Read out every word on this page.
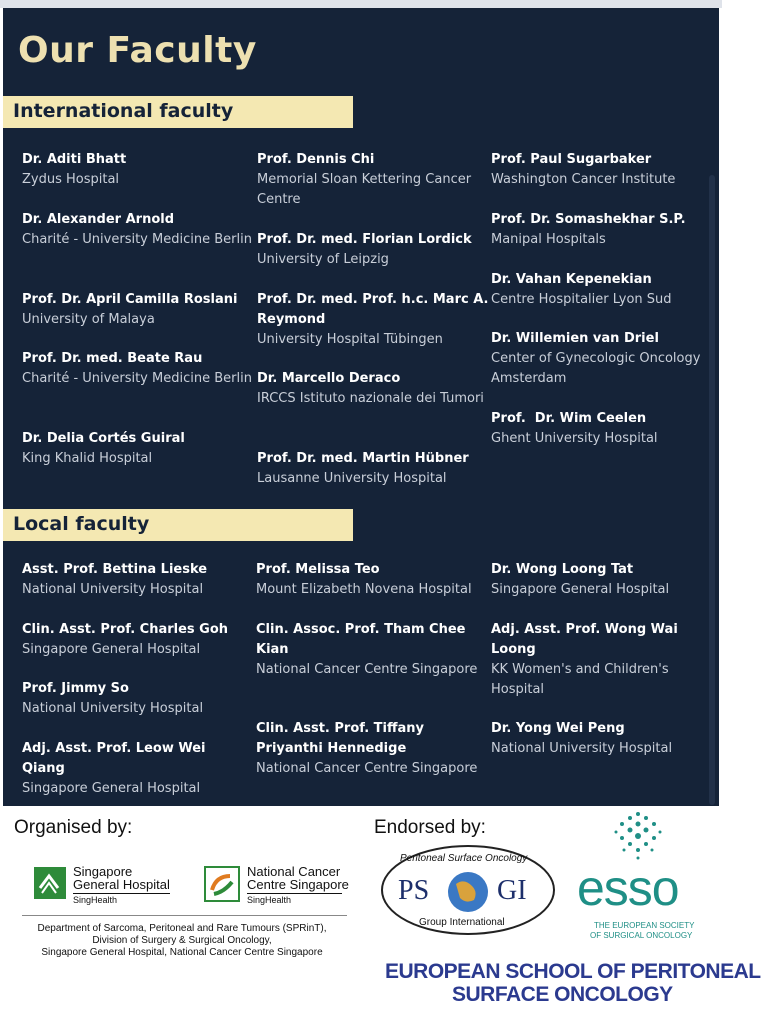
Our Faculty
International faculty
Dr. Aditi Bhatt
Zydus Hospital
Dr. Alexander Arnold
Charité - University Medicine Berlin
Prof. Dr. April Camilla Roslani
University of Malaya
Prof. Dr. med. Beate Rau
Charité - University Medicine Berlin
Dr. Delia Cortés Guiral
King Khalid Hospital
Prof. Dennis Chi
Memorial Sloan Kettering Cancer Centre
Prof. Dr. med. Florian Lordick
University of Leipzig
Prof. Dr. med. Prof. h.c. Marc A. Reymond
University Hospital Tübingen
Dr. Marcello Deraco
IRCCS Istituto nazionale dei Tumori
Prof. Dr. med. Martin Hübner
Lausanne University Hospital
Prof. Paul Sugarbaker
Washington Cancer Institute
Prof. Dr. Somashekhar S.P.
Manipal Hospitals
Dr. Vahan Kepenekian
Centre Hospitalier Lyon Sud
Dr. Willemien van Driel
Center of Gynecologic Oncology Amsterdam
Prof.  Dr. Wim Ceelen
Ghent University Hospital
Local faculty
Asst. Prof. Bettina Lieske
National University Hospital
Clin. Asst. Prof. Charles Goh
Singapore General Hospital
Prof. Jimmy So
National University Hospital
Adj. Asst. Prof. Leow Wei Qiang
Singapore General Hospital
Prof. Melissa Teo
Mount Elizabeth Novena Hospital
Clin. Assoc. Prof. Tham Chee Kian
National Cancer Centre Singapore
Clin. Asst. Prof. Tiffany Priyanthi Hennedige
National Cancer Centre Singapore
Dr. Wong Loong Tat
Singapore General Hospital
Adj. Asst. Prof. Wong Wai Loong
KK Women's and Children's Hospital
Dr. Yong Wei Peng
National University Hospital
Organised by:	Endorsed by:
Singapore
General Hospital
SingHealth
National Cancer
Centre Singapore
SingHealth
Department of Sarcoma, Peritoneal and Rare Tumours (SPRinT),
Division of Surgery & Surgical Oncology,
Singapore General Hospital, National Cancer Centre Singapore
Peritoneal Surface Oncology
PS GI
Group International
esso
THE EUROPEAN SOCIETY
OF SURGICAL ONCOLOGY
EUROPEAN SCHOOL OF PERITONEAL
SURFACE ONCOLOGY
